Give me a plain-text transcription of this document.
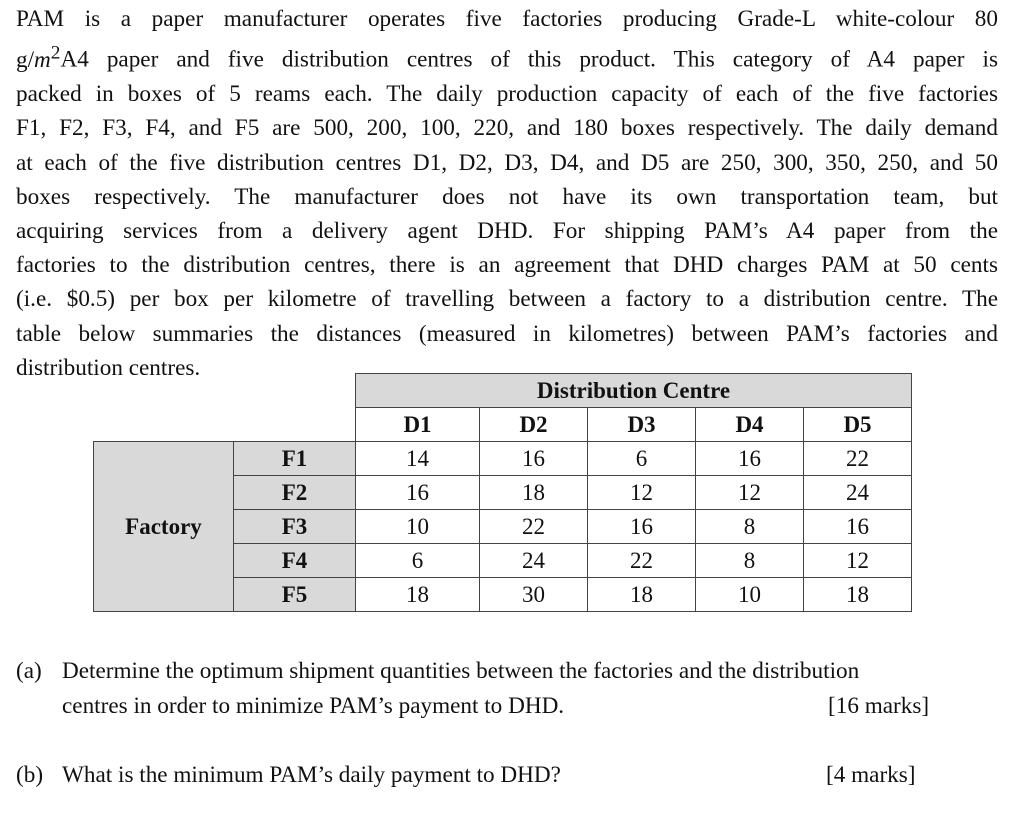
PAM is a paper manufacturer operates five factories producing Grade-L white-colour 80
$g/m^2A4$ paper and five distribution centres of this product. This category of A4 paper is
packed in boxes of 5 reams each. The daily production capacity of each of the five factories
F1, F2, F3, F4, and F5 are 500, 200, 100, 220, and 180 boxes respectively. The daily demand
at each of the five distribution centres D1, D2, D3, D4, and D5 are 250, 300, 350, 250, and 50
boxes respectively. The manufacturer does not have its own transportation team, but
acquiring services from a delivery agent DHD. For shipping PAM’s A4 paper from the
factories to the distribution centres, there is an agreement that DHD charges PAM at 50 cents
(i.e. $0.5) per box per kilometre of travelling between a factory to a distribution centre. The
table below summaries the distances (measured in kilometres) between PAM’s factories and
distribution centres.
		Distribution Centre				
		D1	D2	D3	D4	D5
Factory	F1	14	16	6	16	22
	F2	16	18	12	12	24
	F3	10	22	16	8	16
	F4	6	24	22	8	12
	F5	18	30	18	10	18
(a) Determine the optimum shipment quantities between the factories and the distribution
centres in order to minimize PAM’s payment to DHD.	[16 marks]
(b) What is the minimum PAM’s daily payment to DHD?	[4 marks]
